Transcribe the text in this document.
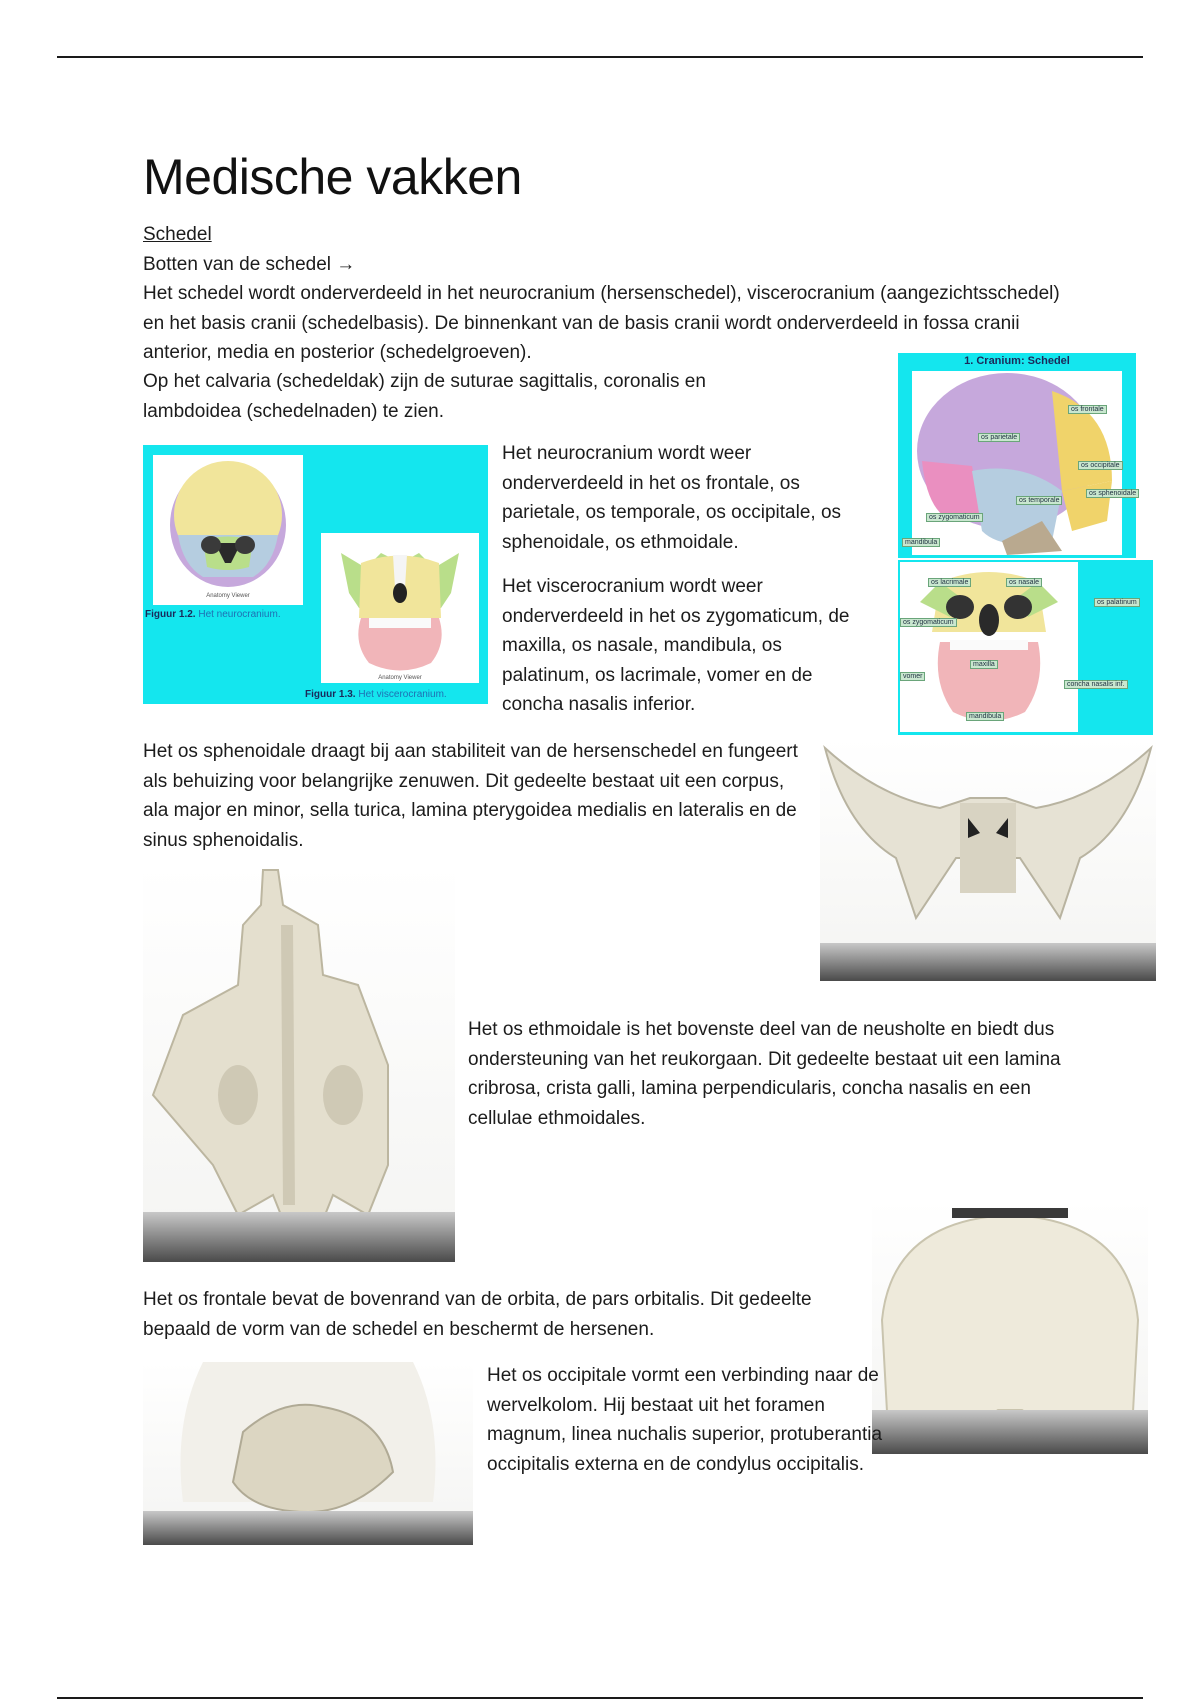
Medische vakken

Schedel

Botten van de schedel →

Het schedel wordt onderverdeeld in het neurocranium (hersenschedel), viscerocranium (aangezichtsschedel) en het basis cranii (schedelbasis). De binnenkant van de basis cranii wordt onderverdeeld in fossa cranii anterior, media en posterior (schedelgroeven).

Op het calvaria (schedeldak) zijn de suturae sagittalis, coronalis en lambdoidea (schedelnaden) te zien.

Anatomy Viewer
Figuur 1.2. Het neurocranium.
Anatomy Viewer
Figuur 1.3. Het viscerocranium.

Het neurocranium wordt weer onderverdeeld in het os frontale, os parietale, os temporale, os occipitale, os sphenoidale, os ethmoidale.

Het viscerocranium wordt weer onderverdeeld in het os zygomaticum, de maxilla, os nasale, mandibula, os palatinum, os lacrimale, vomer en de concha nasalis inferior.

1. Cranium: Schedel
os frontale
os parietale
os occipitale
os temporale
os zygomaticum
os sphenoidale
mandibula
os lacrimale	os nasale
os palatinum
os zygomaticum
maxilla
vomer
concha nasalis inf.
mandibula

Het os sphenoidale draagt bij aan stabiliteit van de hersenschedel en fungeert als behuizing voor belangrijke zenuwen. Dit gedeelte bestaat uit een corpus, ala major en minor, sella turica, lamina pterygoidea medialis en lateralis en de sinus sphenoidalis.

Het os ethmoidale is het bovenste deel van de neusholte en biedt dus ondersteuning van het reukorgaan. Dit gedeelte bestaat uit een lamina cribrosa, crista galli, lamina perpendicularis, concha nasalis en een cellulae ethmoidales.

Het os frontale bevat de bovenrand van de orbita, de pars orbitalis. Dit gedeelte bepaald de vorm van de schedel en beschermt de hersenen.

Het os occipitale vormt een verbinding naar de wervelkolom. Hij bestaat uit het foramen magnum, linea nuchalis superior, protuberantia occipitalis externa en de condylus occipitalis.
